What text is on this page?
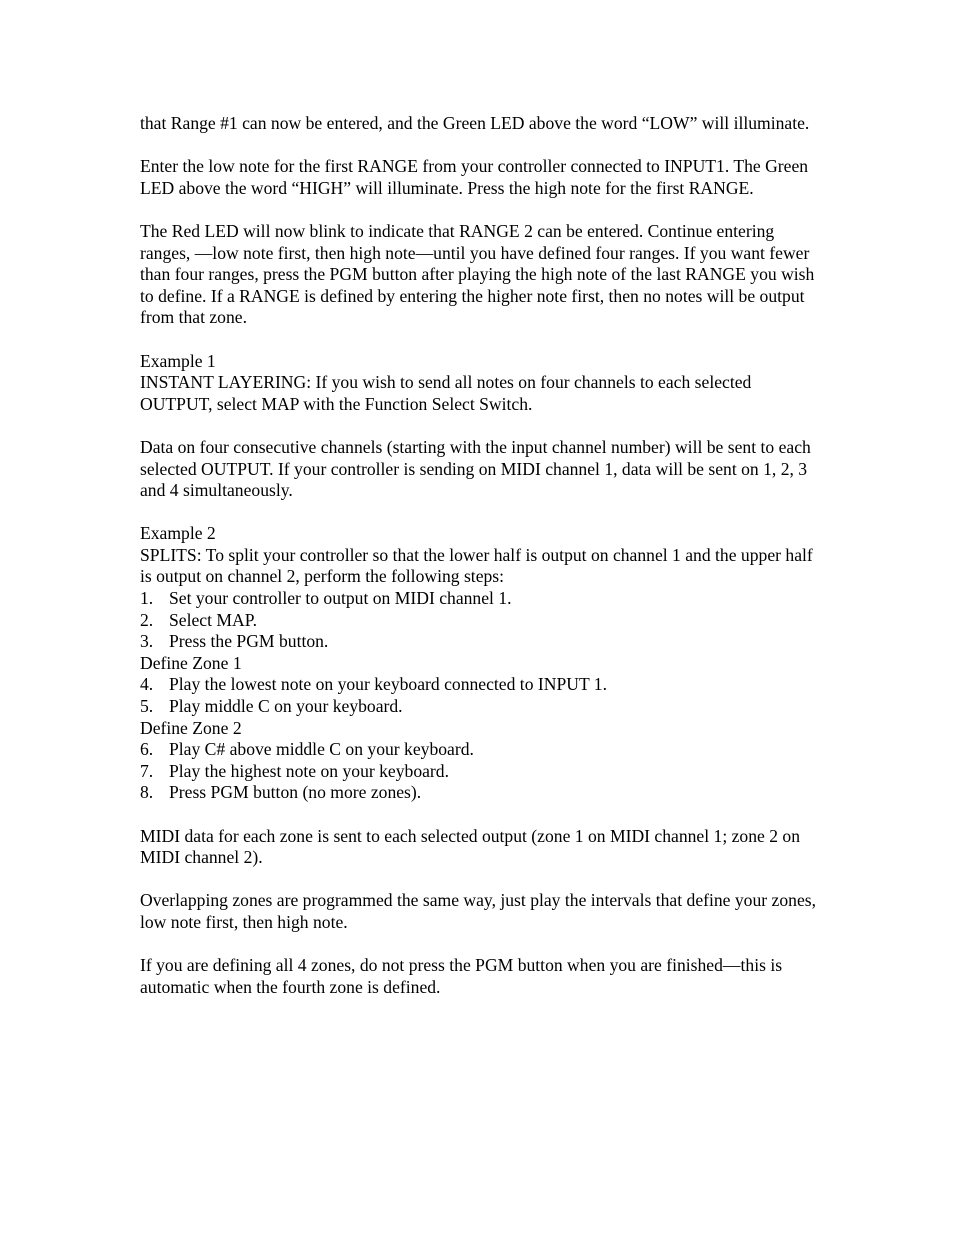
that Range #1 can now be entered, and the Green LED above the word “LOW” will illuminate.

Enter the low note for the first RANGE from your controller connected to INPUT1. The Green LED above the word “HIGH” will illuminate. Press the high note for the first RANGE.

The Red LED will now blink to indicate that RANGE 2 can be entered. Continue entering ranges, —low note first, then high note—until you have defined four ranges. If you want fewer than four ranges, press the PGM button after playing the high note of the last RANGE you wish to define. If a RANGE is defined by entering the higher note first, then no notes will be output from that zone.

Example 1
INSTANT LAYERING: If you wish to send all notes on four channels to each selected OUTPUT, select MAP with the Function Select Switch.

Data on four consecutive channels (starting with the input channel number) will be sent to each selected OUTPUT. If your controller is sending on MIDI channel 1, data will be sent on 1, 2, 3 and 4 simultaneously.

Example 2
SPLITS: To split your controller so that the lower half is output on channel 1 and the upper half is output on channel 2, perform the following steps:
1. Set your controller to output on MIDI channel 1.
2. Select MAP.
3. Press the PGM button.
Define Zone 1
4. Play the lowest note on your keyboard connected to INPUT 1.
5. Play middle C on your keyboard.
Define Zone 2
6. Play C# above middle C on your keyboard.
7. Play the highest note on your keyboard.
8. Press PGM button (no more zones).

MIDI data for each zone is sent to each selected output (zone 1 on MIDI channel 1; zone 2 on MIDI channel 2).

Overlapping zones are programmed the same way, just play the intervals that define your zones, low note first, then high note.

If you are defining all 4 zones, do not press the PGM button when you are finished—this is automatic when the fourth zone is defined.
